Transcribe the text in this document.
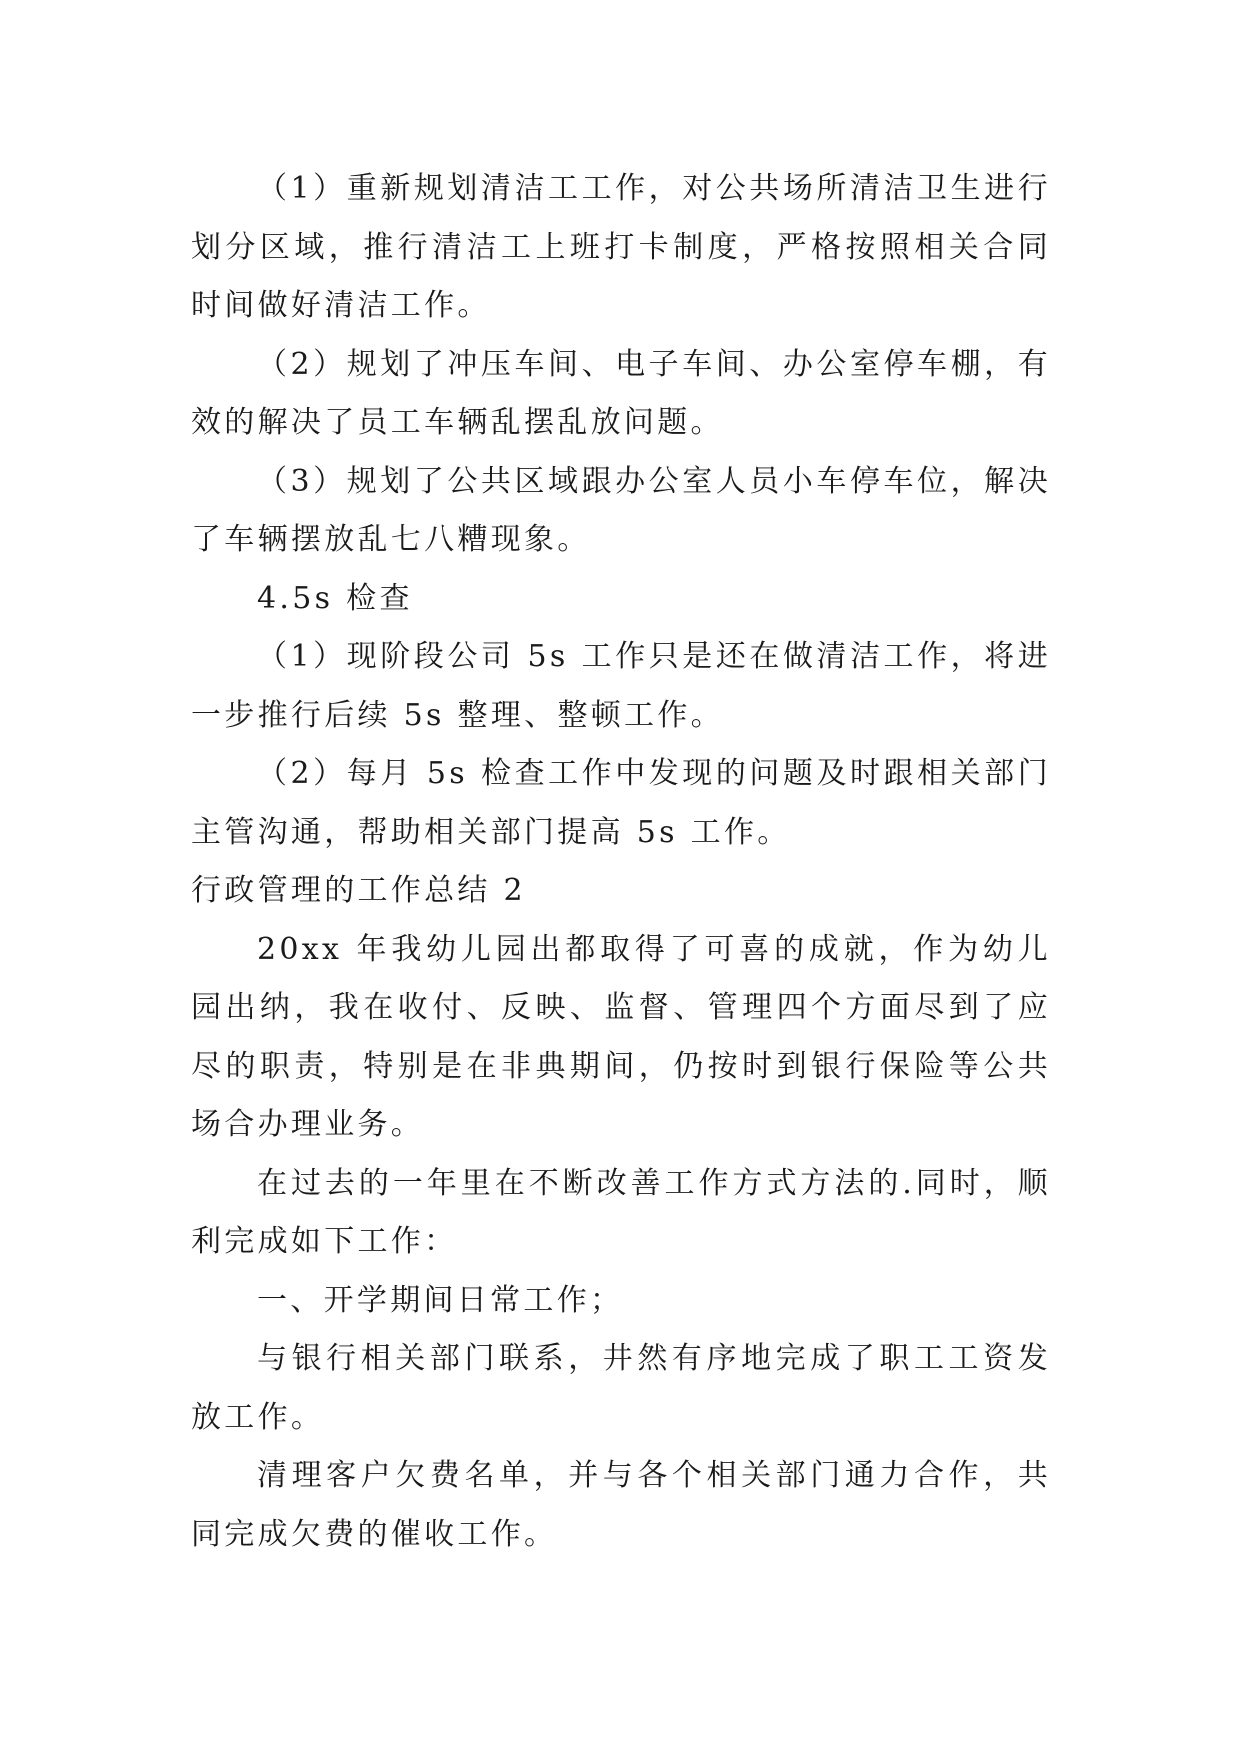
（1）重新规划清洁工工作，对公共场所清洁卫生进行划分区域，推行清洁工上班打卡制度，严格按照相关合同时间做好清洁工作。

（2）规划了冲压车间、电子车间、办公室停车棚，有效的解决了员工车辆乱摆乱放问题。

（3）规划了公共区域跟办公室人员小车停车位，解决了车辆摆放乱七八糟现象。

4.5s 检查

（1）现阶段公司 5s 工作只是还在做清洁工作，将进一步推行后续 5s 整理、整顿工作。

（2）每月 5s 检查工作中发现的问题及时跟相关部门主管沟通，帮助相关部门提高 5s 工作。

行政管理的工作总结 2

20xx 年我幼儿园出都取得了可喜的成就，作为幼儿园出纳，我在收付、反映、监督、管理四个方面尽到了应尽的职责，特别是在非典期间，仍按时到银行保险等公共场合办理业务。

在过去的一年里在不断改善工作方式方法的.同时，顺利完成如下工作：

一、开学期间日常工作；

与银行相关部门联系，井然有序地完成了职工工资发放工作。

清理客户欠费名单，并与各个相关部门通力合作，共同完成欠费的催收工作。
